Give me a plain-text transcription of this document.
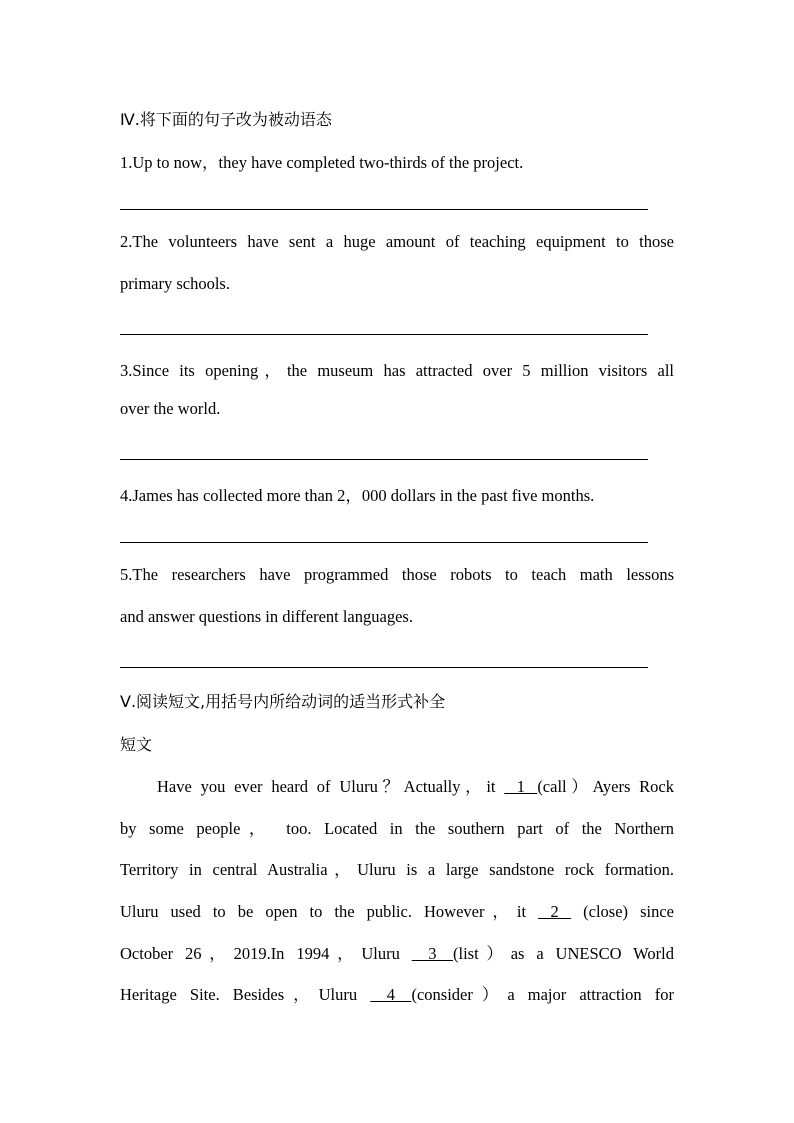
Ⅳ.将下面的句子改为被动语态
1.Up to now，they have completed two-thirds of the project.
2.The volunteers have sent a huge amount of teaching equipment to those
primary schools.
3.Since its opening，the museum has attracted over 5 million visitors all
over the world.
4.James has collected more than 2，000 dollars in the past five months.
5.The researchers have programmed those robots to teach math lessons
and answer questions in different languages.
Ⅴ.阅读短文,用括号内所给动词的适当形式补全
短文
Have you ever heard of Uluru？Actually，it    1   (call）Ayers Rock
by some people， too. Located in the southern part of the Northern
Territory in central Australia，Uluru is a large sandstone rock formation.
Uluru used to be open to the public. However，it    2    (close) since
October 26，2019.In 1994，Uluru     3    (list）as a UNESCO World
Heritage Site. Besides，Uluru     4    (consider）a major attraction for
